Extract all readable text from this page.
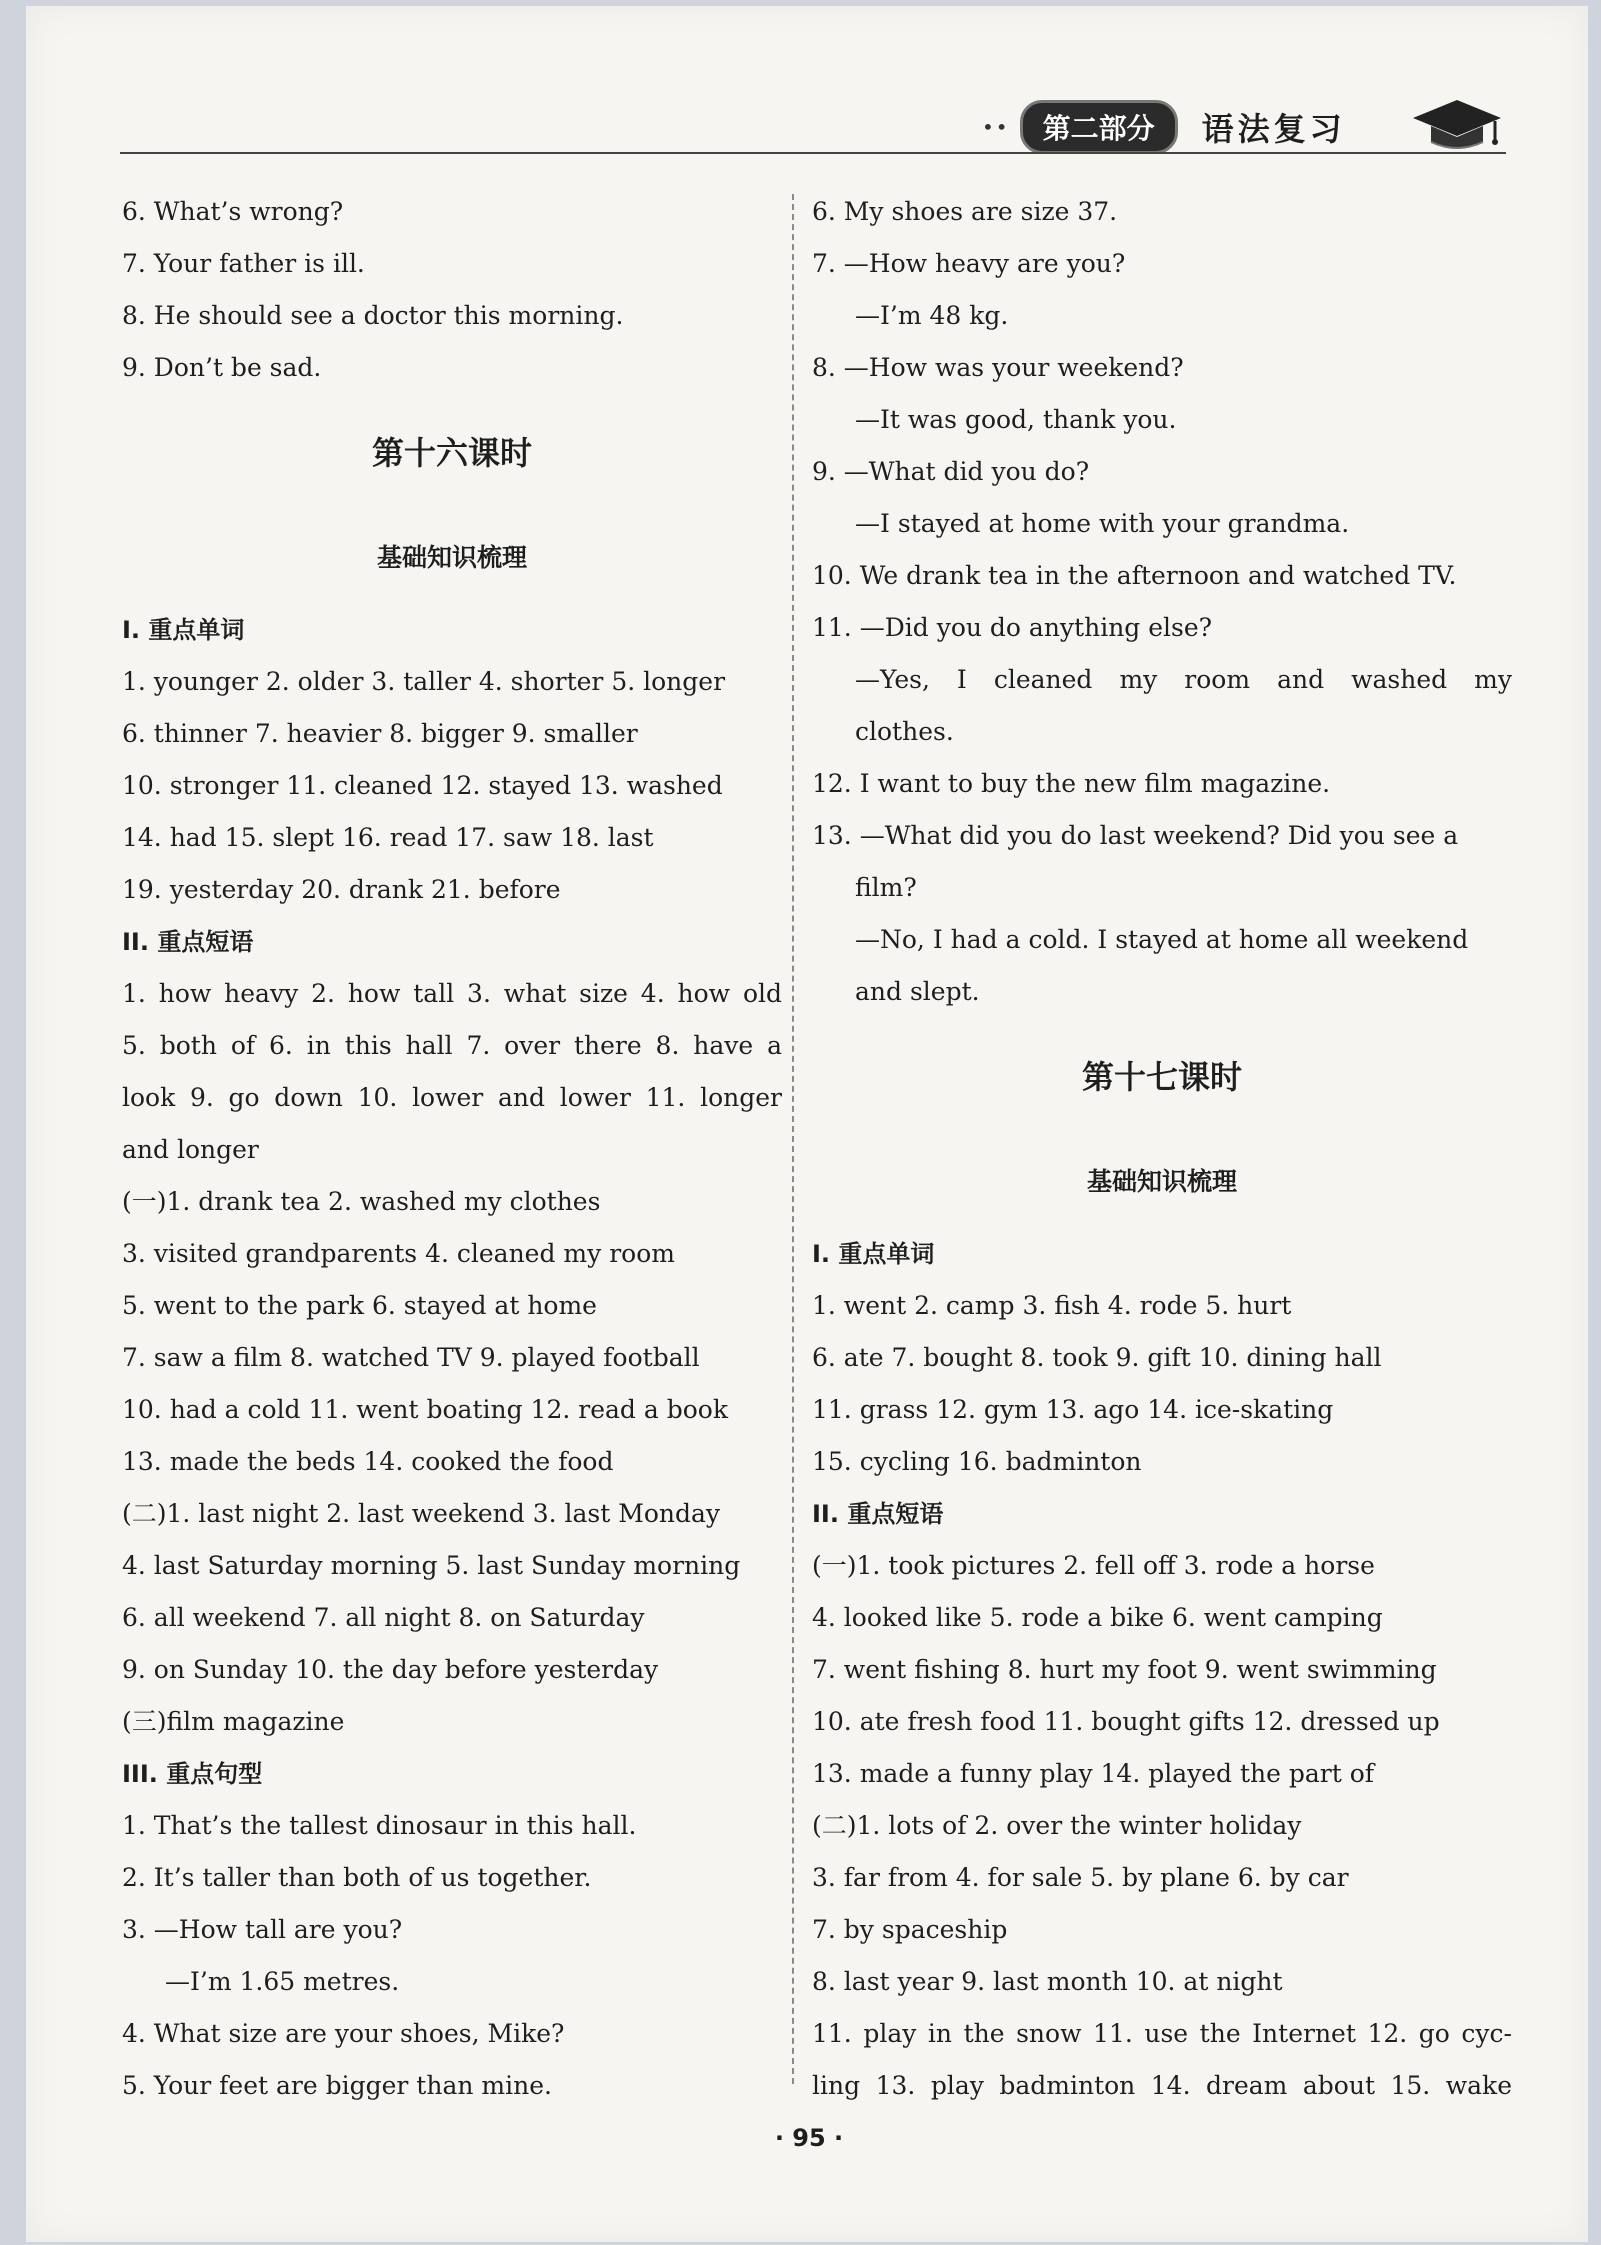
••	第二部分	语法复习
6. What’s wrong?
7. Your father is ill.
8. He should see a doctor this morning.
9. Don’t be sad.
第十六课时
基础知识梳理
I. 重点单词
1. younger 2. older 3. taller 4. shorter 5. longer
6. thinner 7. heavier 8. bigger 9. smaller
10. stronger 11. cleaned 12. stayed 13. washed
14. had 15. slept 16. read 17. saw 18. last
19. yesterday 20. drank 21. before
II. 重点短语
1. how heavy 2. how tall 3. what size 4. how old
5. both of 6. in this hall 7. over there 8. have a
look 9. go down 10. lower and lower 11. longer
and longer
(一)1. drank tea 2. washed my clothes
3. visited grandparents 4. cleaned my room
5. went to the park 6. stayed at home
7. saw a film 8. watched TV 9. played football
10. had a cold 11. went boating 12. read a book
13. made the beds 14. cooked the food
(二)1. last night 2. last weekend 3. last Monday
4. last Saturday morning 5. last Sunday morning
6. all weekend 7. all night 8. on Saturday
9. on Sunday 10. the day before yesterday
(三)film magazine
III. 重点句型
1. That’s the tallest dinosaur in this hall.
2. It’s taller than both of us together.
3. —How tall are you?
—I’m 1.65 metres.
4. What size are your shoes, Mike?
5. Your feet are bigger than mine.
6. My shoes are size 37.
7. —How heavy are you?
—I’m 48 kg.
8. —How was your weekend?
—It was good, thank you.
9. —What did you do?
—I stayed at home with your grandma.
10. We drank tea in the afternoon and watched TV.
11. —Did you do anything else?
—Yes, I cleaned my room and washed my
clothes.
12. I want to buy the new film magazine.
13. —What did you do last weekend? Did you see a
film?
—No, I had a cold. I stayed at home all weekend
and slept.
第十七课时
基础知识梳理
I. 重点单词
1. went 2. camp 3. fish 4. rode 5. hurt
6. ate 7. bought 8. took 9. gift 10. dining hall
11. grass 12. gym 13. ago 14. ice-skating
15. cycling 16. badminton
II. 重点短语
(一)1. took pictures 2. fell off 3. rode a horse
4. looked like 5. rode a bike 6. went camping
7. went fishing 8. hurt my foot 9. went swimming
10. ate fresh food 11. bought gifts 12. dressed up
13. made a funny play 14. played the part of
(二)1. lots of 2. over the winter holiday
3. far from 4. for sale 5. by plane 6. by car
7. by spaceship
8. last year 9. last month 10. at night
11. play in the snow 11. use the Internet 12. go cyc-
ling 13. play badminton 14. dream about 15. wake
· 95 ·
